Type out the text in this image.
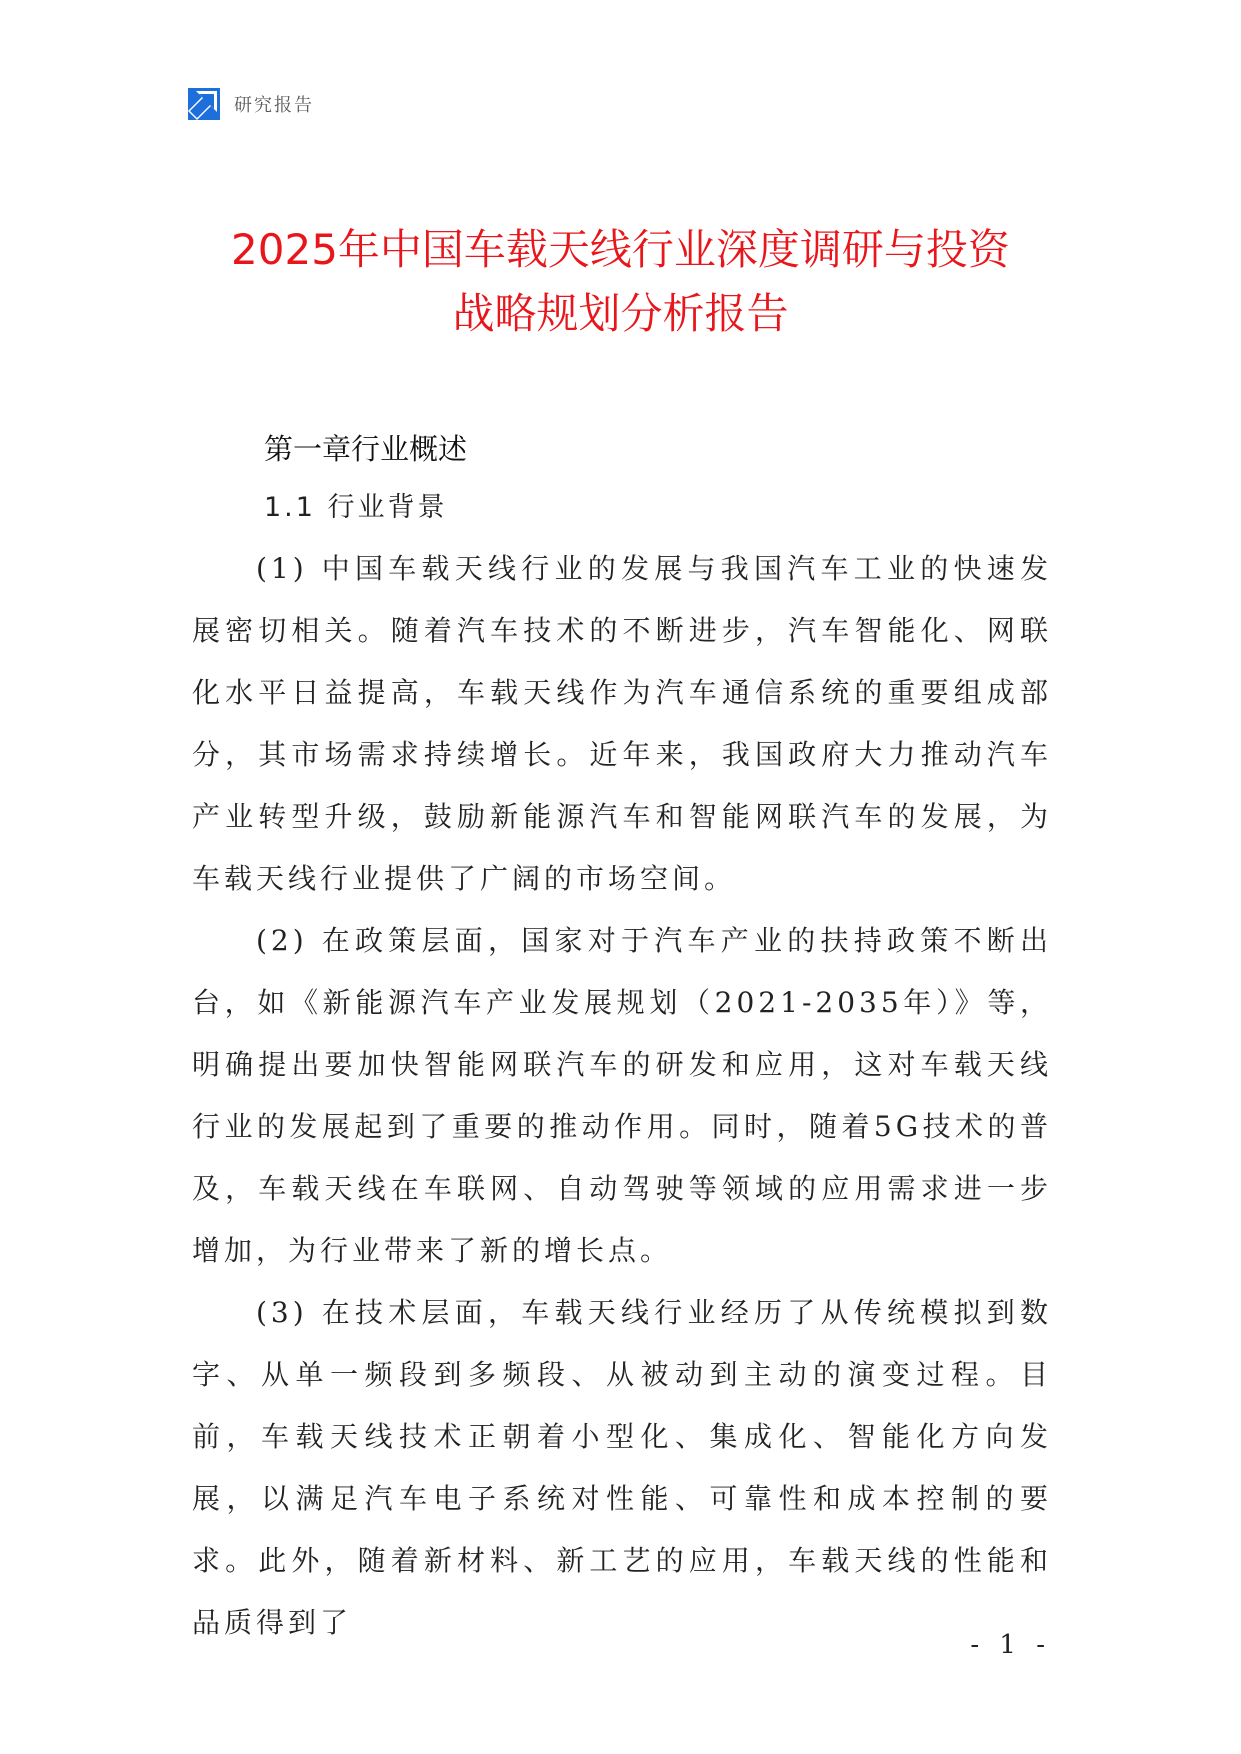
研究报告
2025年中国车载天线行业深度调研与投资
战略规划分析报告
第一章行业概述
1.1 行业背景

(1) 中国车载天线行业的发展与我国汽车工业的快速发展密切相关。随着汽车技术的不断进步，汽车智能化、网联化水平日益提高，车载天线作为汽车通信系统的重要组成部分，其市场需求持续增长。近年来，我国政府大力推动汽车产业转型升级，鼓励新能源汽车和智能网联汽车的发展，为车载天线行业提供了广阔的市场空间。

(2) 在政策层面，国家对于汽车产业的扶持政策不断出台，如《新能源汽车产业发展规划（2021-2035年）》等，明确提出要加快智能网联汽车的研发和应用，这对车载天线行业的发展起到了重要的推动作用。同时，随着5G技术的普及，车载天线在车联网、自动驾驶等领域的应用需求进一步增加，为行业带来了新的增长点。

(3) 在技术层面，车载天线行业经历了从传统模拟到数字、从单一频段到多频段、从被动到主动的演变过程。目前，车载天线技术正朝着小型化、集成化、智能化方向发展，以满足汽车电子系统对性能、可靠性和成本控制的要求。此外，随着新材料、新工艺的应用，车载天线的性能和品质得到了

- 1 -
